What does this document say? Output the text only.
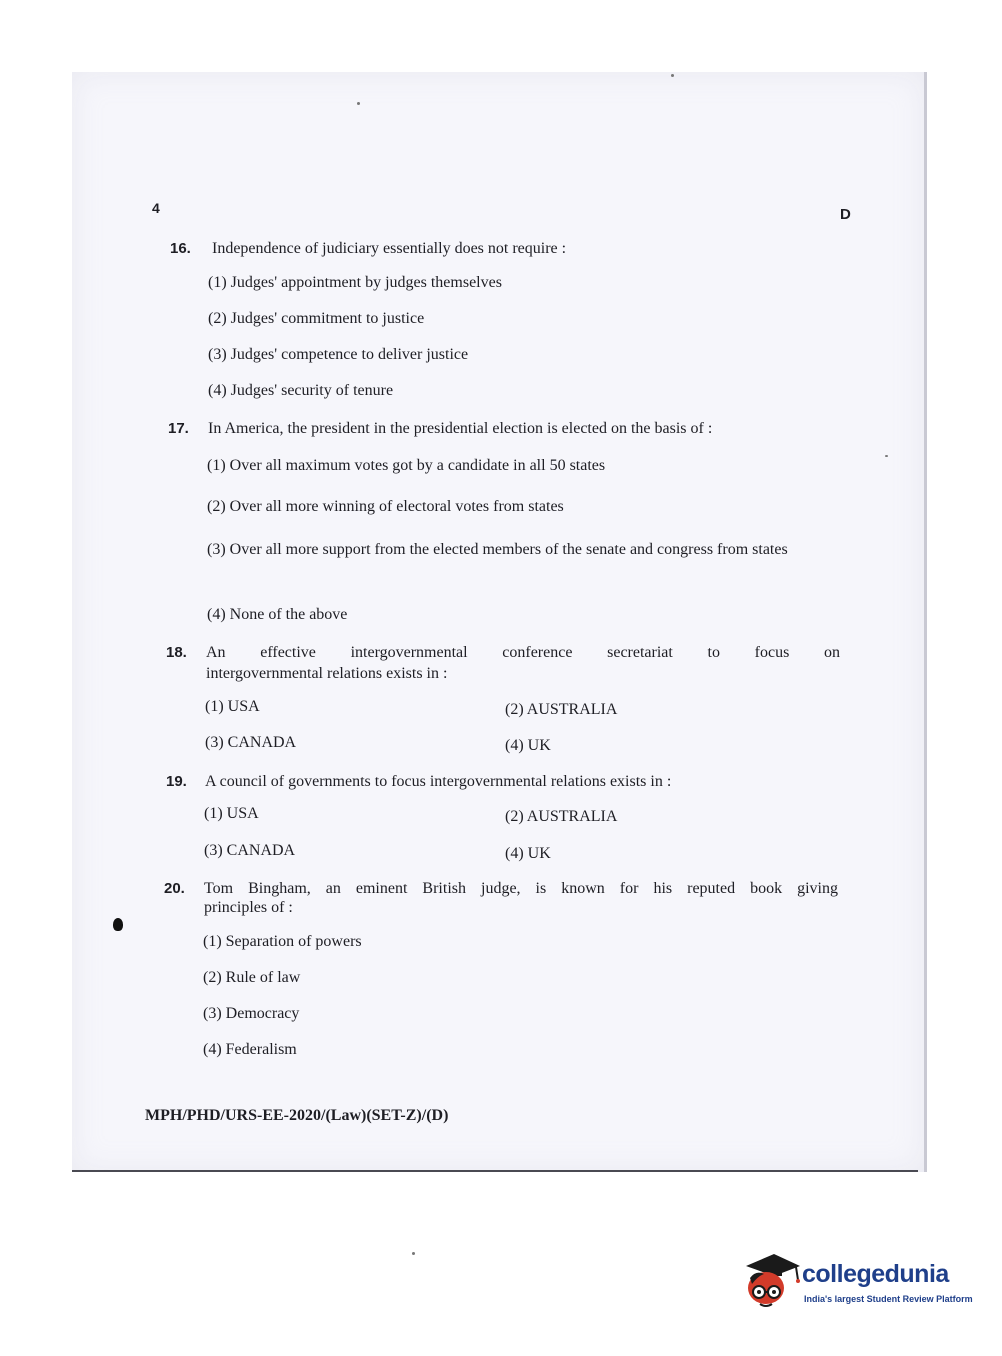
4	D
16. Independence of judiciary essentially does not require :
(1) Judges' appointment by judges themselves
(2) Judges' commitment to justice
(3) Judges' competence to deliver justice
(4) Judges' security of tenure
17. In America, the president in the presidential election is elected on the basis of :
(1) Over all maximum votes got by a candidate in all 50 states
(2) Over all more winning of electoral votes from states
(3) Over all more support from the elected members of the senate and congress from states
(4) None of the above
18. An effective intergovernmental conference secretariat to focus on
intergovernmental relations exists in :
(1) USA	(2) AUSTRALIA
(3) CANADA	(4) UK
19. A council of governments to focus intergovernmental relations exists in :
(1) USA	(2) AUSTRALIA
(3) CANADA	(4) UK
20. Tom Bingham, an eminent British judge, is known for his reputed book giving
principles of :
(1) Separation of powers
(2) Rule of law
(3) Democracy
(4) Federalism
MPH/PHD/URS-EE-2020/(Law)(SET-Z)/(D)
collegedunia
India's largest Student Review Platform
